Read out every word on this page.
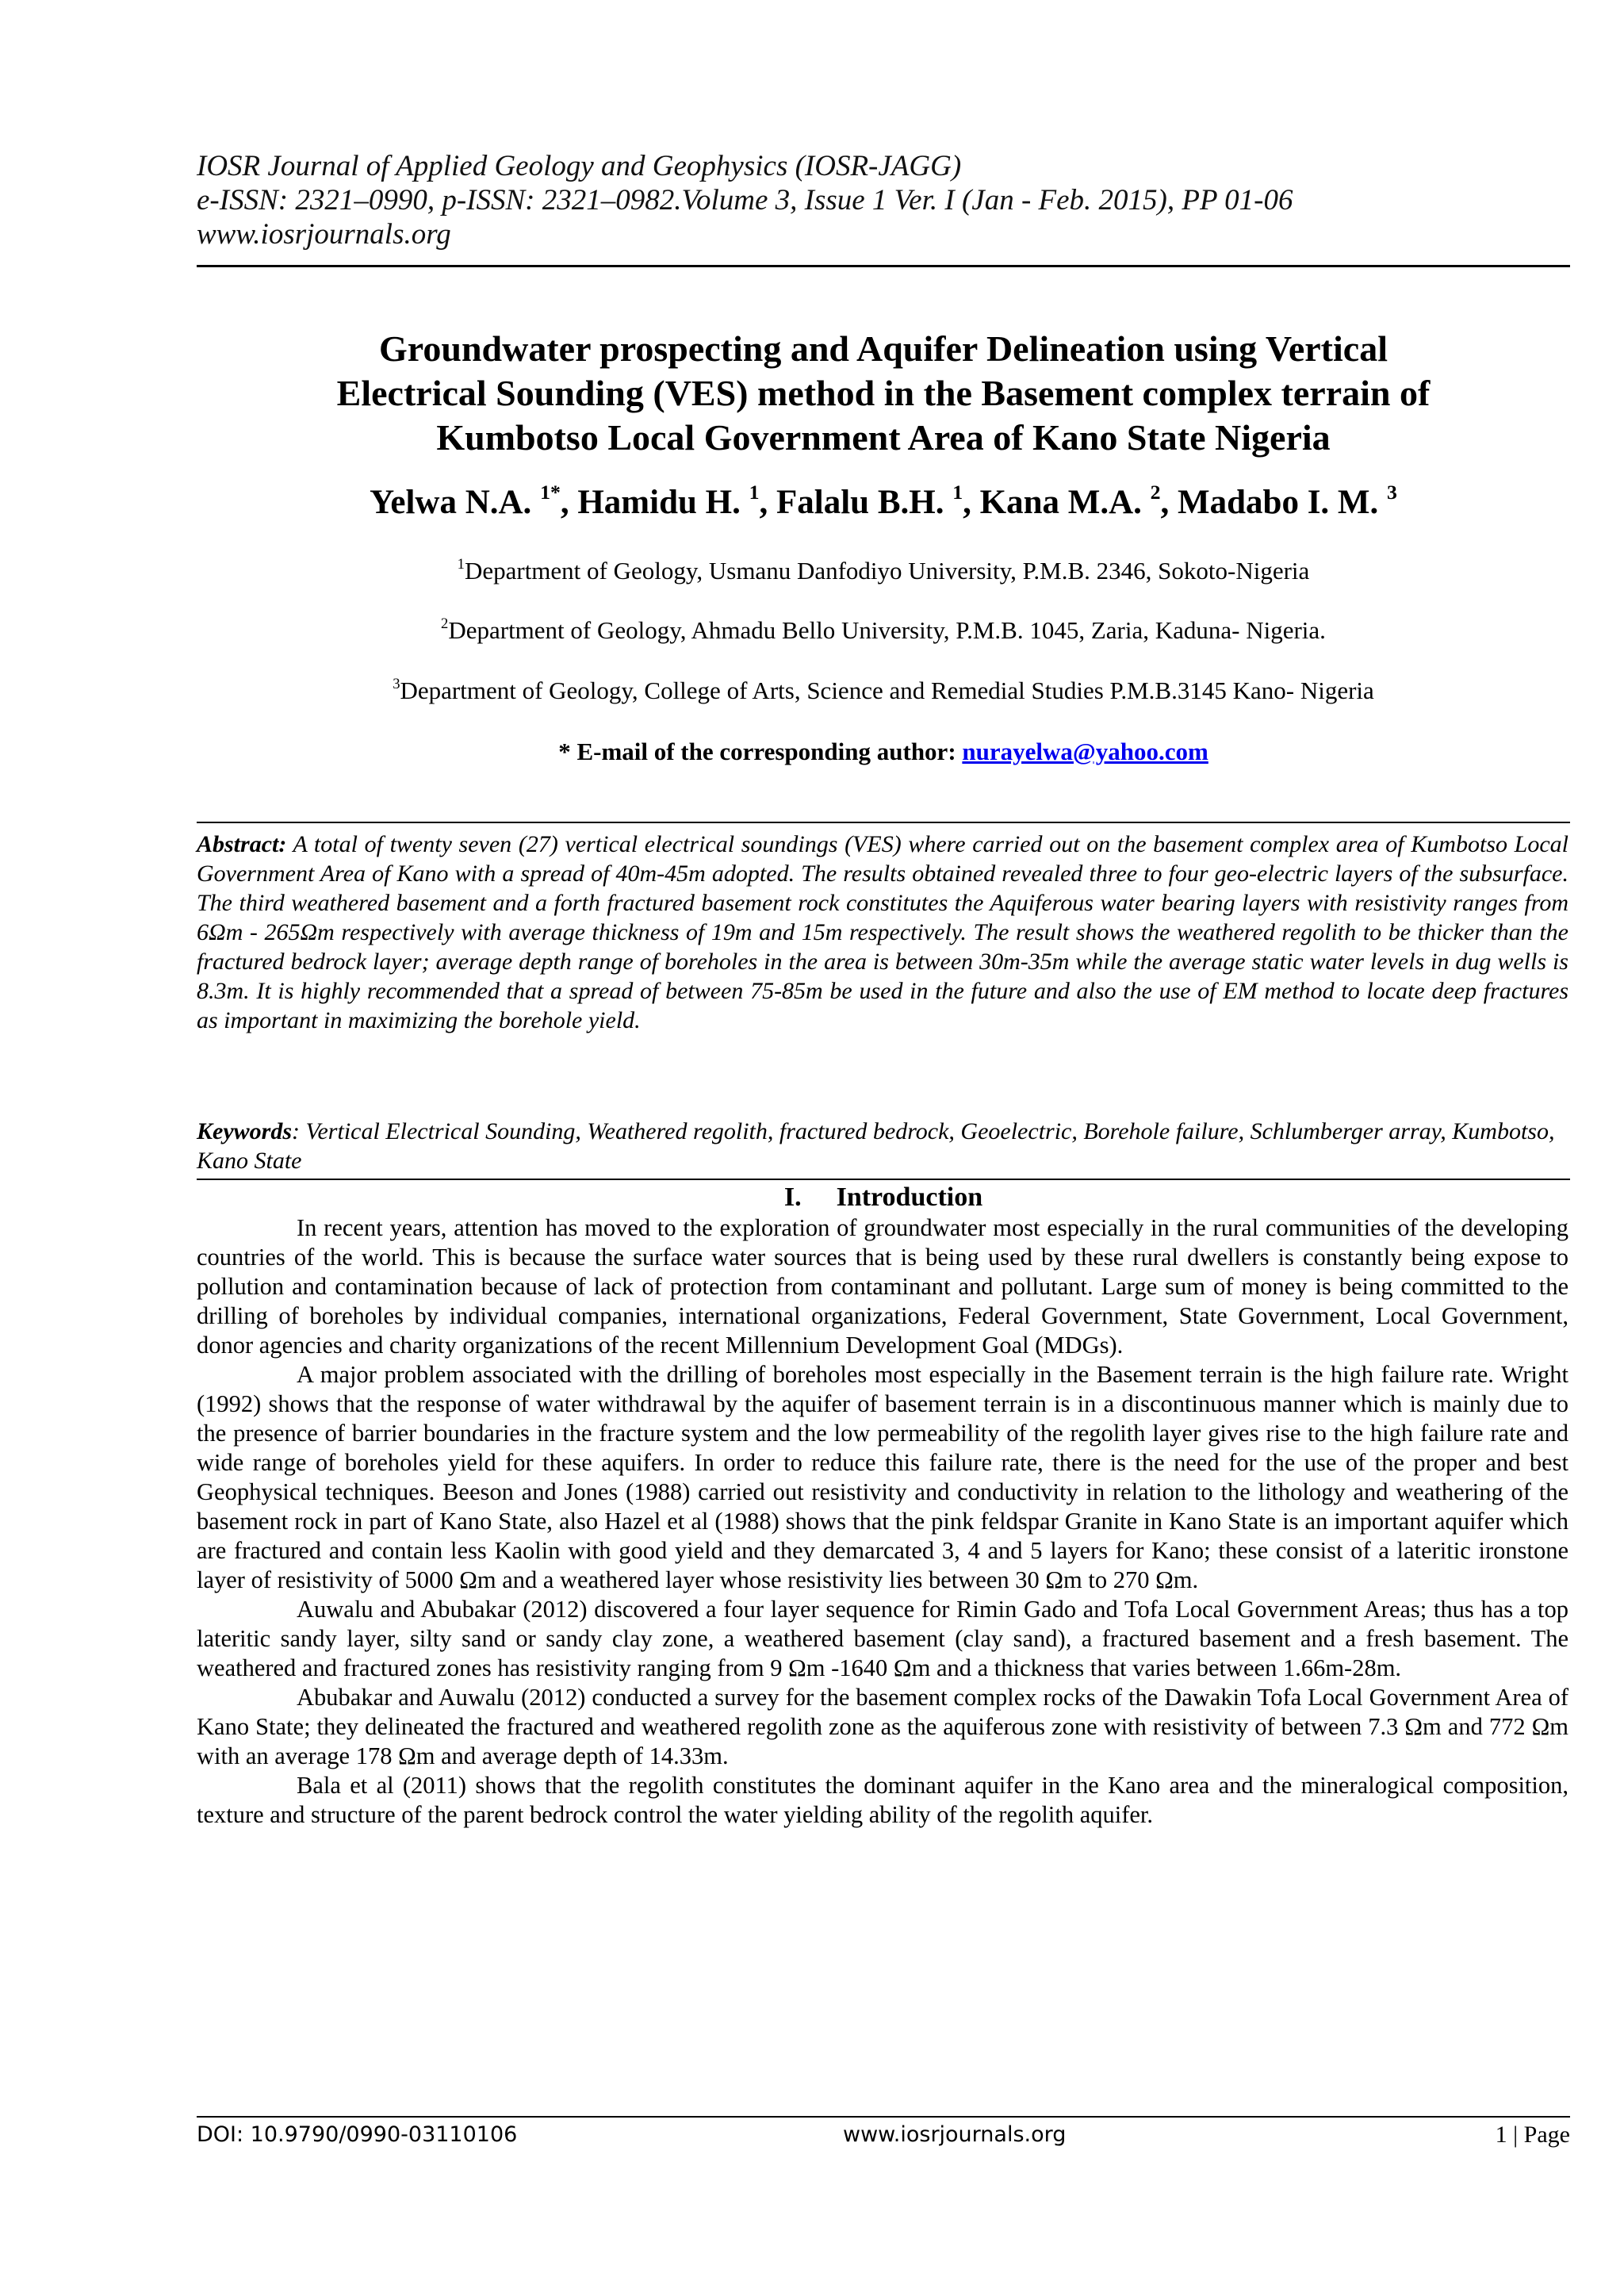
IOSR Journal of Applied Geology and Geophysics (IOSR-JAGG)
e-ISSN: 2321–0990, p-ISSN: 2321–0982.Volume 3, Issue 1 Ver. I (Jan - Feb. 2015), PP 01-06
www.iosrjournals.org
Groundwater prospecting and Aquifer Delineation using Vertical
Electrical Sounding (VES) method in the Basement complex terrain of
Kumbotso Local Government Area of Kano State Nigeria
Yelwa N.A. $^{1*}$, Hamidu H. $^1$, Falalu B.H. $^1$, Kana M.A. $^2$, Madabo I. M. $^3$
$^1$Department of Geology, Usmanu Danfodiyo University, P.M.B. 2346, Sokoto-Nigeria
$^2$Department of Geology, Ahmadu Bello University, P.M.B. 1045, Zaria, Kaduna- Nigeria.
$^3$Department of Geology, College of Arts, Science and Remedial Studies P.M.B.3145 Kano- Nigeria
* E-mail of the corresponding author: nurayelwa@yahoo.com
Abstract: A total of twenty seven (27) vertical electrical soundings (VES) where carried out on the basement complex area of Kumbotso Local Government Area of Kano with a spread of 40m-45m adopted. The results obtained revealed three to four geo-electric layers of the subsurface. The third weathered basement and a forth fractured basement rock constitutes the Aquiferous water bearing layers with resistivity ranges from 6Ωm - 265Ωm respectively with average thickness of 19m and 15m respectively. The result shows the weathered regolith to be thicker than the fractured bedrock layer; average depth range of boreholes in the area is between 30m-35m while the average static water levels in dug wells is 8.3m. It is highly recommended that a spread of between 75-85m be used in the future and also the use of EM method to locate deep fractures as important in maximizing the borehole yield.
Keywords: Vertical Electrical Sounding, Weathered regolith, fractured bedrock, Geoelectric, Borehole failure, Schlumberger array, Kumbotso, Kano State
I. Introduction

In recent years, attention has moved to the exploration of groundwater most especially in the rural communities of the developing countries of the world. This is because the surface water sources that is being used by these rural dwellers is constantly being expose to pollution and contamination because of lack of protection from contaminant and pollutant. Large sum of money is being committed to the drilling of boreholes by individual companies, international organizations, Federal Government, State Government, Local Government, donor agencies and charity organizations of the recent Millennium Development Goal (MDGs).

A major problem associated with the drilling of boreholes most especially in the Basement terrain is the high failure rate. Wright (1992) shows that the response of water withdrawal by the aquifer of basement terrain is in a discontinuous manner which is mainly due to the presence of barrier boundaries in the fracture system and the low permeability of the regolith layer gives rise to the high failure rate and wide range of boreholes yield for these aquifers. In order to reduce this failure rate, there is the need for the use of the proper and best Geophysical techniques. Beeson and Jones (1988) carried out resistivity and conductivity in relation to the lithology and weathering of the basement rock in part of Kano State, also Hazel et al (1988) shows that the pink feldspar Granite in Kano State is an important aquifer which are fractured and contain less Kaolin with good yield and they demarcated 3, 4 and 5 layers for Kano; these consist of a lateritic ironstone layer of resistivity of 5000 Ωm and a weathered layer whose resistivity lies between 30 Ωm to 270 Ωm.

Auwalu and Abubakar (2012) discovered a four layer sequence for Rimin Gado and Tofa Local Government Areas; thus has a top lateritic sandy layer, silty sand or sandy clay zone, a weathered basement (clay sand), a fractured basement and a fresh basement. The weathered and fractured zones has resistivity ranging from 9 Ωm -1640 Ωm and a thickness that varies between 1.66m-28m.

Abubakar and Auwalu (2012) conducted a survey for the basement complex rocks of the Dawakin Tofa Local Government Area of Kano State; they delineated the fractured and weathered regolith zone as the aquiferous zone with resistivity of between 7.3 Ωm and 772 Ωm with an average 178 Ωm and average depth of 14.33m.

Bala et al (2011) shows that the regolith constitutes the dominant aquifer in the Kano area and the mineralogical composition, texture and structure of the parent bedrock control the water yielding ability of the regolith aquifer.

DOI: 10.9790/0990-03110106	www.iosrjournals.org	1 | Page
